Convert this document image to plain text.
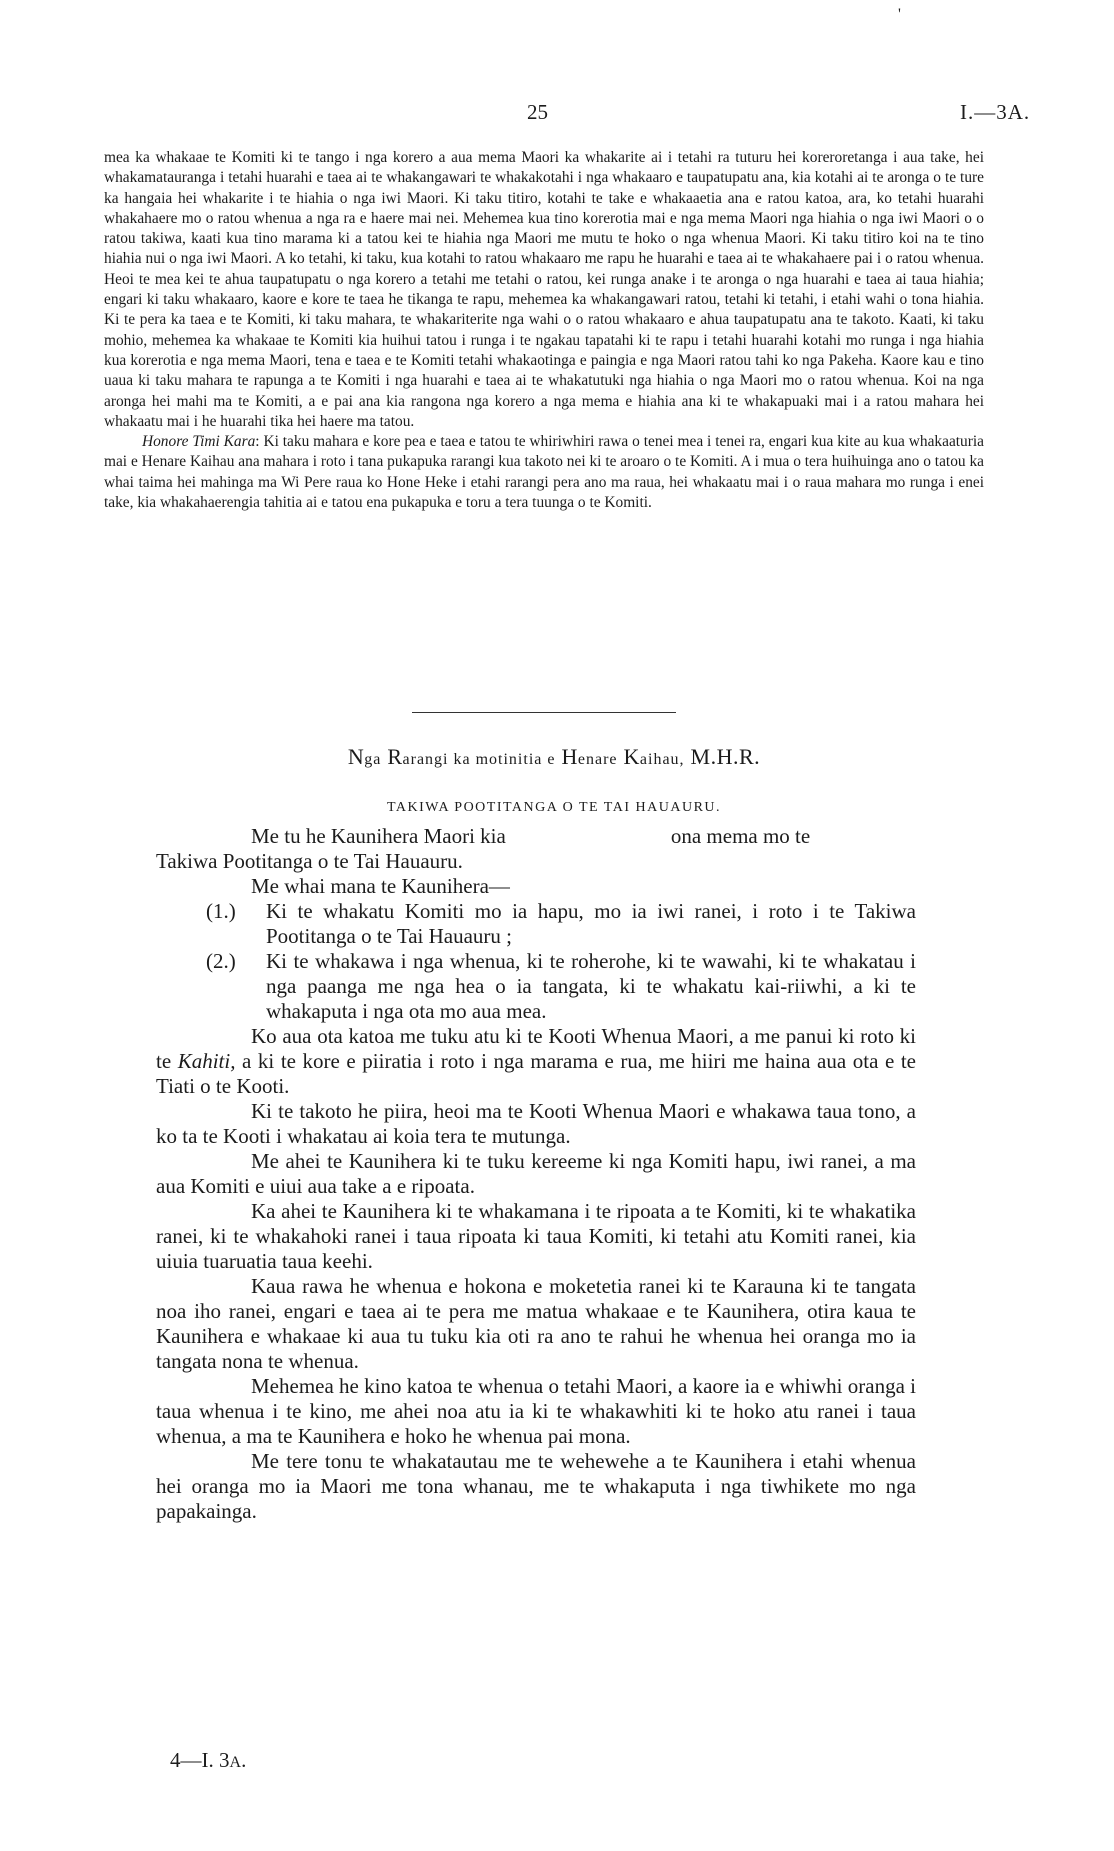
'
25	I.—3A.

mea ka whakaae te Komiti ki te tango i nga korero a aua mema Maori ka whakarite ai i tetahi ra tuturu hei koreroretanga i aua take, hei whakamatauranga i tetahi huarahi e taea ai te whakangawari te whakakotahi i nga whakaaro e taupatupatu ana, kia kotahi ai te aronga o te ture ka hangaia hei whakarite i te hiahia o nga iwi Maori. Ki taku titiro, kotahi te take e whakaaetia ana e ratou katoa, ara, ko tetahi huarahi whakahaere mo o ratou whenua a nga ra e haere mai nei. Mehemea kua tino korerotia mai e nga mema Maori nga hiahia o nga iwi Maori o o ratou takiwa, kaati kua tino marama ki a tatou kei te hiahia nga Maori me mutu te hoko o nga whenua Maori. Ki taku titiro koi na te tino hiahia nui o nga iwi Maori. A ko tetahi, ki taku, kua kotahi to ratou whakaaro me rapu he huarahi e taea ai te whakahaere pai i o ratou whenua. Heoi te mea kei te ahua taupatupatu o nga korero a tetahi me tetahi o ratou, kei runga anake i te aronga o nga huarahi e taea ai taua hiahia; engari ki taku whakaaro, kaore e kore te taea he tikanga te rapu, mehemea ka whakangawari ratou, tetahi ki tetahi, i etahi wahi o tona hiahia. Ki te pera ka taea e te Komiti, ki taku mahara, te whakariterite nga wahi o o ratou whakaaro e ahua taupatupatu ana te takoto. Kaati, ki taku mohio, mehemea ka whakaae te Komiti kia huihui tatou i runga i te ngakau tapatahi ki te rapu i tetahi huarahi kotahi mo runga i nga hiahia kua korerotia e nga mema Maori, tena e taea e te Komiti tetahi whakaotinga e paingia e nga Maori ratou tahi ko nga Pakeha. Kaore kau e tino uaua ki taku mahara te rapunga a te Komiti i nga huarahi e taea ai te whakatutuki nga hiahia o nga Maori mo o ratou whenua. Koi na nga aronga hei mahi ma te Komiti, a e pai ana kia rangona nga korero a nga mema e hiahia ana ki te whakapuaki mai i a ratou mahara hei whakaatu mai i he huarahi tika hei haere ma tatou.

Honore Timi Kara: Ki taku mahara e kore pea e taea e tatou te whiriwhiri rawa o tenei mea i tenei ra, engari kua kite au kua whakaaturia mai e Henare Kaihau ana mahara i roto i tana pukapuka rarangi kua takoto nei ki te aroaro o te Komiti. A i mua o tera huihuinga ano o tatou ka whai taima hei mahinga ma Wi Pere raua ko Hone Heke i etahi rarangi pera ano ma raua, hei whakaatu mai i o raua mahara mo runga i enei take, kia whakahaerengia tahitia ai e tatou ena pukapuka e toru a tera tuunga o te Komiti.

Nga Rarangi ka motinitia e Henare Kaihau, M.H.R.
TAKIWA POOTITANGA O TE TAI HAUAURU.

Me tu he Kaunihera Maori kia	ona mema mo te
Takiwa Pootitanga o te Tai Hauauru.

Me whai mana te Kaunihera—

(1.)	Ki te whakatu Komiti mo ia hapu, mo ia iwi ranei, i roto i te Takiwa Pootitanga o te Tai Hauauru ;
(2.)	Ki te whakawa i nga whenua, ki te roherohe, ki te wawahi, ki te whakatau i nga paanga me nga hea o ia tangata, ki te whakatu kai-riiwhi, a ki te whakaputa i nga ota mo aua mea.

Ko aua ota katoa me tuku atu ki te Kooti Whenua Maori, a me panui ki roto ki te Kahiti, a ki te kore e piiratia i roto i nga marama e rua, me hiiri me haina aua ota e te Tiati o te Kooti.

Ki te takoto he piira, heoi ma te Kooti Whenua Maori e whakawa taua tono, a ko ta te Kooti i whakatau ai koia tera te mutunga.

Me ahei te Kaunihera ki te tuku kereeme ki nga Komiti hapu, iwi ranei, a ma aua Komiti e uiui aua take a e ripoata.

Ka ahei te Kaunihera ki te whakamana i te ripoata a te Komiti, ki te whakatika ranei, ki te whakahoki ranei i taua ripoata ki taua Komiti, ki tetahi atu Komiti ranei, kia uiuia tuaruatia taua keehi.

Kaua rawa he whenua e hokona e moketetia ranei ki te Karauna ki te tangata noa iho ranei, engari e taea ai te pera me matua whakaae e te Kaunihera, otira kaua te Kaunihera e whakaae ki aua tu tuku kia oti ra ano te rahui he whenua hei oranga mo ia tangata nona te whenua.

Mehemea he kino katoa te whenua o tetahi Maori, a kaore ia e whiwhi oranga i taua whenua i te kino, me ahei noa atu ia ki te whakawhiti ki te hoko atu ranei i taua whenua, a ma te Kaunihera e hoko he whenua pai mona.

Me tere tonu te whakatautau me te wehewehe a te Kaunihera i etahi whenua hei oranga mo ia Maori me tona whanau, me te whakaputa i nga tiwhikete mo nga papakainga.

4—I. 3A.
